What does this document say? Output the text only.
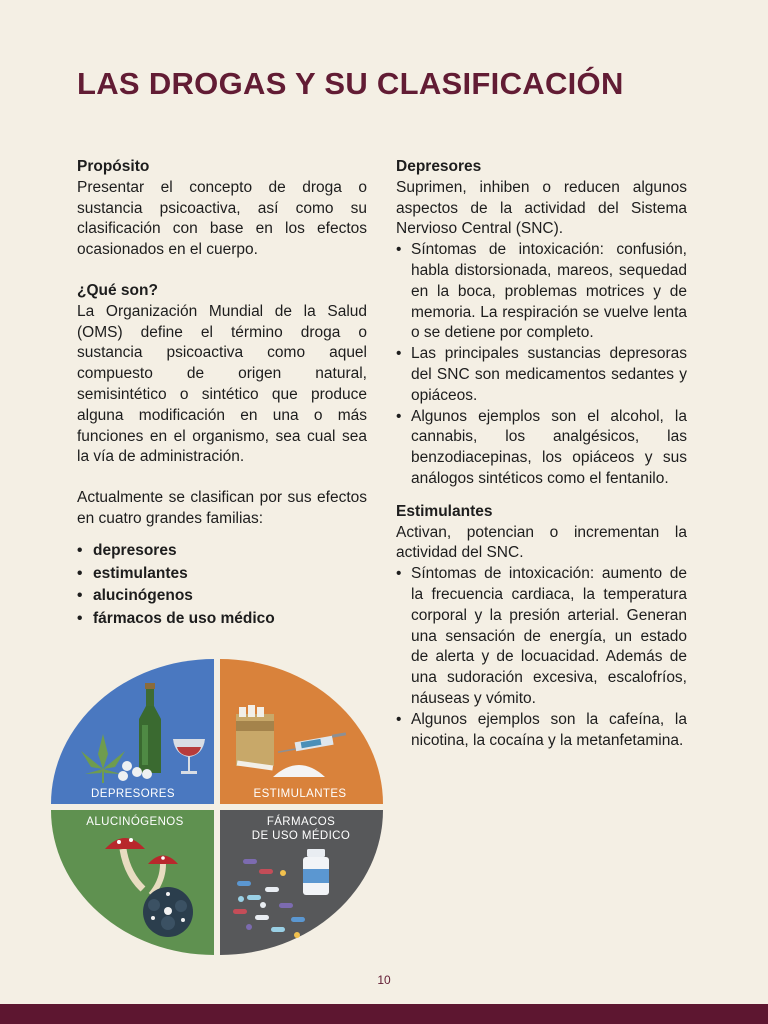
LAS DROGAS Y SU CLASIFICACIÓN

Propósito

Presentar el concepto de droga o sustancia psicoactiva, así como su clasificación con base en los efectos ocasionados en el cuerpo.

¿Qué son?

La Organización Mundial de la Salud (OMS) define el término droga o sustancia psicoactiva como aquel compuesto de origen natural, semisintético o sintético que produce alguna modificación en una o más funciones en el organismo, sea cual sea la vía de administración.

Actualmente se clasifican por sus efectos en cuatro grandes familias:

• depresores
• estimulantes
• alucinógenos
• fármacos de uso médico

Depresores

Suprimen, inhiben o reducen algunos aspectos de la actividad del Sistema Nervioso Central (SNC).

• Síntomas de intoxicación: confusión, habla distorsionada, mareos, sequedad en la boca, problemas motrices y de memoria. La respiración se vuelve lenta o se detiene por completo.
• Las principales sustancias depresoras del SNC son medicamentos sedantes y opiáceos.
• Algunos ejemplos son el alcohol, la cannabis, los analgésicos, las benzodiacepinas, los opiáceos y sus análogos sintéticos como el fentanilo.

Estimulantes

Activan, potencian o incrementan la actividad del SNC.

• Síntomas de intoxicación: aumento de la frecuencia cardiaca, la temperatura corporal y la presión arterial. Generan una sensación de energía, un estado de alerta y de locuacidad. Además de una sudoración excesiva, escalofríos, náuseas y vómito.
• Algunos ejemplos son la cafeína, la nicotina, la cocaína y la metanfetamina.
DEPRESORES	ESTIMULANTES
ALUCINÓGENOS	FÁRMACOS
DE USO MÉDICO
10
